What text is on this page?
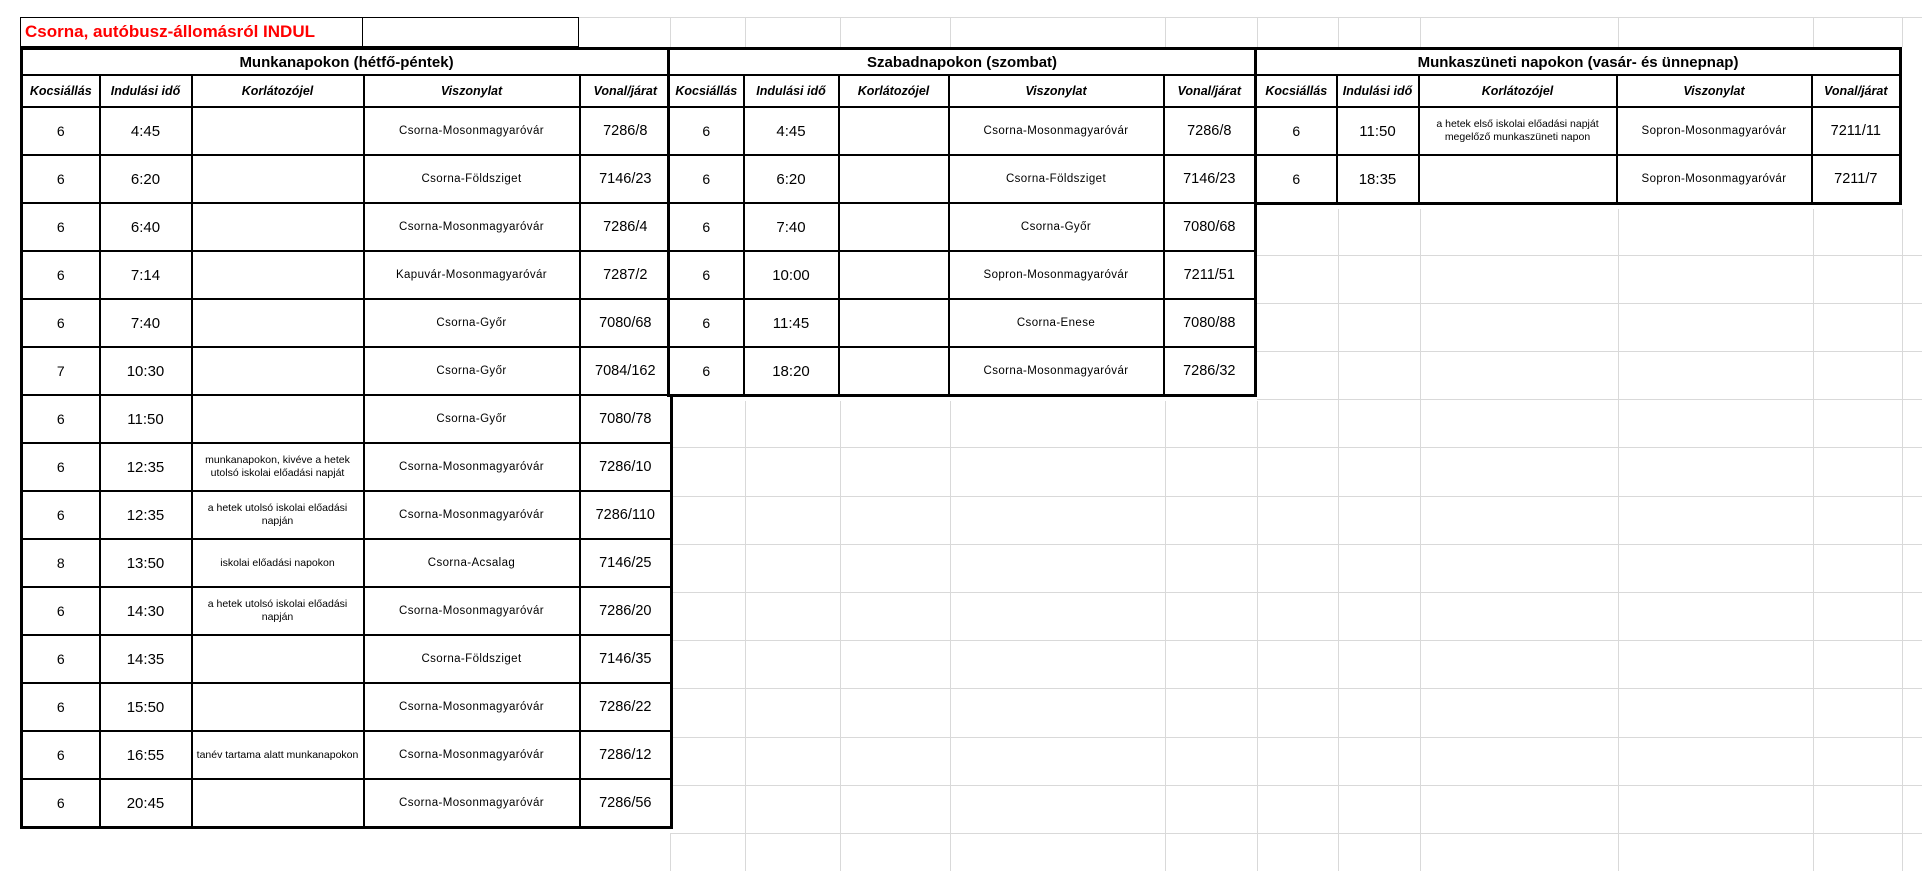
Csorna, autóbusz-állomásról INDUL
Munkanapokon (hétfő-péntek)				
Kocsiállás	Indulási idő	Korlátozójel	Viszonylat	Vonal/járat

6	4:45		Csorna-Mosonmagyaróvár	7286/8

6	6:20		Csorna-Földsziget	7146/23

6	6:40		Csorna-Mosonmagyaróvár	7286/4

6	7:14		Kapuvár-Mosonmagyaróvár	7287/2

6	7:40		Csorna-Győr	7080/68

7	10:30		Csorna-Győr	7084/162

6	11:50		Csorna-Győr	7080/78

6	12:35	munkanapokon, kivéve a hetek utolsó iskolai előadási napját	Csorna-Mosonmagyaróvár	7286/10

6	12:35	a hetek utolsó iskolai előadási napján	Csorna-Mosonmagyaróvár	7286/110

8	13:50	iskolai előadási napokon	Csorna-Acsalag	7146/25

6	14:30	a hetek utolsó iskolai előadási napján	Csorna-Mosonmagyaróvár	7286/20

6	14:35		Csorna-Földsziget	7146/35

6	15:50		Csorna-Mosonmagyaróvár	7286/22

6	16:55	tanév tartama alatt munkanapokon	Csorna-Mosonmagyaróvár	7286/12

6	20:45		Csorna-Mosonmagyaróvár	7286/56
Szabadnapokon (szombat)				
Kocsiállás	Indulási idő	Korlátozójel	Viszonylat	Vonal/járat

6	4:45		Csorna-Mosonmagyaróvár	7286/8

6	6:20		Csorna-Földsziget	7146/23

6	7:40		Csorna-Győr	7080/68

6	10:00		Sopron-Mosonmagyaróvár	7211/51

6	11:45		Csorna-Enese	7080/88

6	18:20		Csorna-Mosonmagyaróvár	7286/32
Munkaszüneti napokon (vasár- és ünnepnap)				
Kocsiállás	Indulási idő	Korlátozójel	Viszonylat	Vonal/járat

6	11:50	a hetek első iskolai előadási napját megelőző munkaszüneti napon	Sopron-Mosonmagyaróvár	7211/11

6	18:35		Sopron-Mosonmagyaróvár	7211/7
